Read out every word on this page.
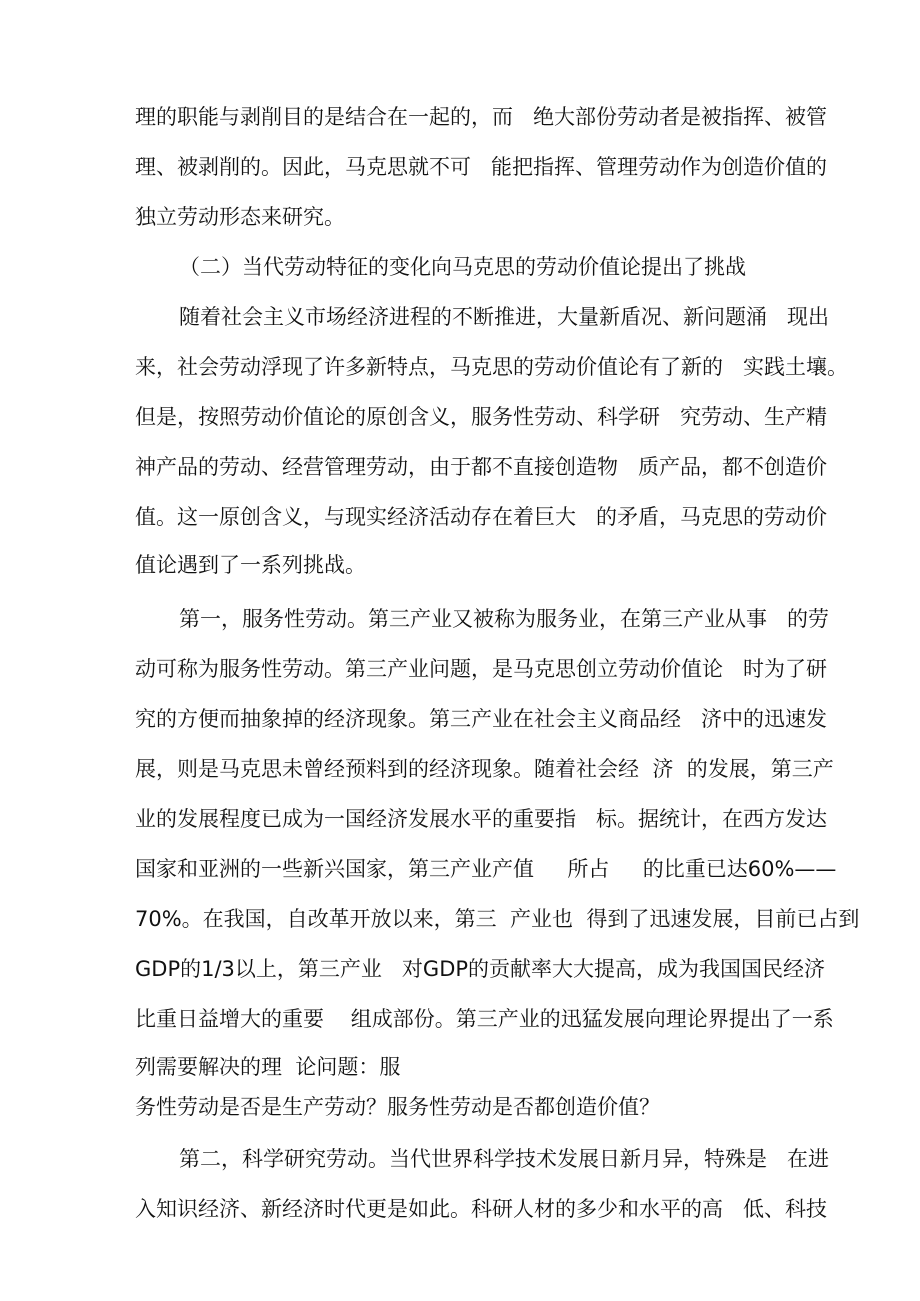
理的职能与剥削目的是结合在一起的，而   绝大部份劳动者是被指挥、被管
理、被剥削的。因此，马克思就不可   能把指挥、管理劳动作为创造价值的
独立劳动形态来研究。
（二）当代劳动特征的变化向马克思的劳动价值论提出了挑战
随着社会主义市场经济进程的不断推进，大量新盾况、新问题涌   现出
来，社会劳动浮现了许多新特点，马克思的劳动价值论有了新的   实践土壤。
但是，按照劳动价值论的原创含义，服务性劳动、科学研   究劳动、生产精
神产品的劳动、经营管理劳动，由于都不直接创造物   质产品，都不创造价
值。这一原创含义，与现实经济活动存在着巨大   的矛盾，马克思的劳动价
值论遇到了一系列挑战。
第一，服务性劳动。第三产业又被称为服务业，在第三产业从事   的劳
动可称为服务性劳动。第三产业问题，是马克思创立劳动价值论   时为了研
究的方便而抽象掉的经济现象。第三产业在社会主义商品经   济中的迅速发
展，则是马克思未曾经预料到的经济现象。随着社会经  济  的发展，第三产
业的发展程度已成为一国经济发展水平的重要指   标。据统计，在西方发达
国家和亚洲的一些新兴国家，第三产业产值     所占     的比重已达60%——
70%。在我国，自改革开放以来，第三  产业也  得到了迅速发展，目前已占到
GDP的1/3以上，第三产业   对GDP的贡献率大大提高，成为我国国民经济
比重日益增大的重要    组成部份。第三产业的迅猛发展向理论界提出了一系
列需要解决的理  论问题：服
务性劳动是否是生产劳动？服务性劳动是否都创造价值？
第二，科学研究劳动。当代世界科学技术发展日新月异，特殊是   在进
入知识经济、新经济时代更是如此。科研人材的多少和水平的高   低、科技
